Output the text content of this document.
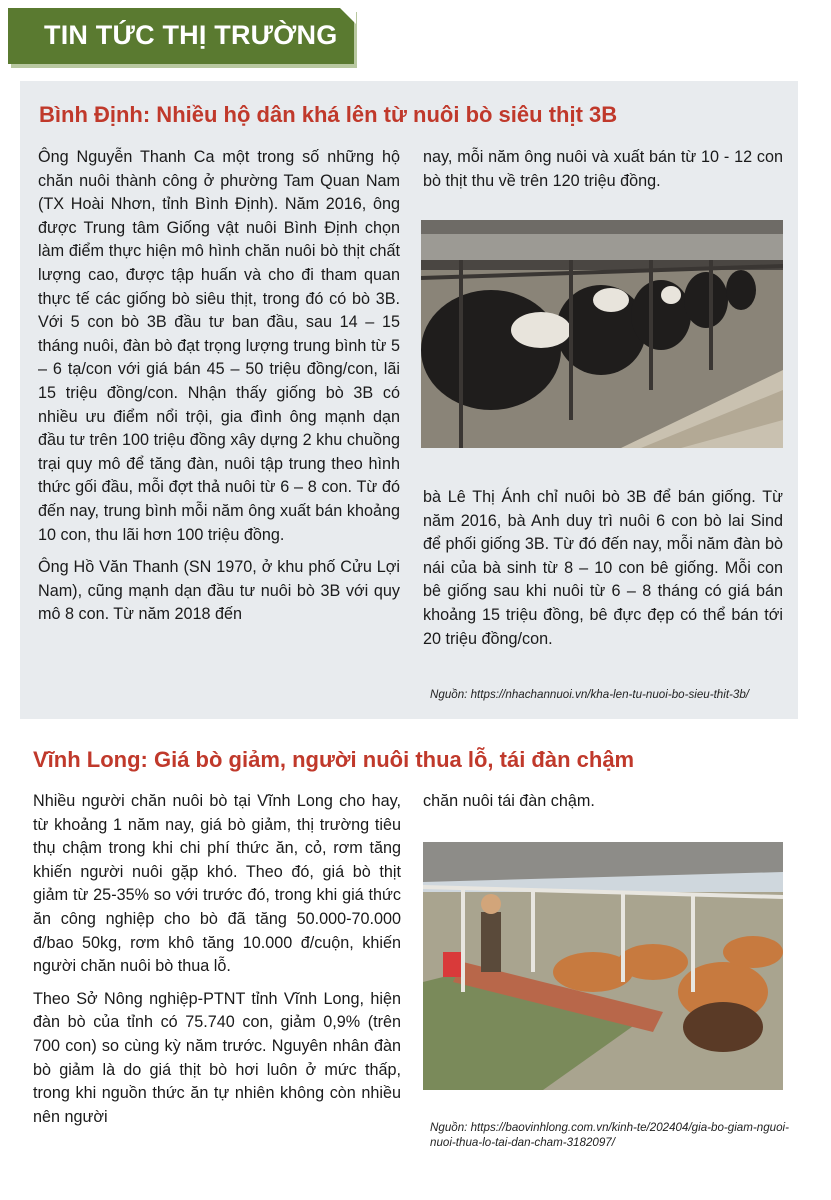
TIN TỨC THỊ TRƯỜNG
Bình Định: Nhiều hộ dân khá lên từ nuôi bò siêu thịt 3B

Ông Nguyễn Thanh Ca một trong số những hộ chăn nuôi thành công ở phường Tam Quan Nam (TX Hoài Nhơn, tỉnh Bình Định). Năm 2016, ông được Trung tâm Giống vật nuôi Bình Định chọn làm điểm thực hiện mô hình chăn nuôi bò thịt chất lượng cao, được tập huấn và cho đi tham quan thực tế các giống bò siêu thịt, trong đó có bò 3B. Với 5 con bò 3B đầu tư ban đầu, sau 14 – 15 tháng nuôi, đàn bò đạt trọng lượng trung bình từ 5 – 6 tạ/con với giá bán 45 – 50 triệu đồng/con, lãi 15 triệu đồng/con. Nhận thấy giống bò 3B có nhiều ưu điểm nổi trội, gia đình ông mạnh dạn đầu tư trên 100 triệu đồng xây dựng 2 khu chuồng trại quy mô để tăng đàn, nuôi tập trung theo hình thức gối đầu, mỗi đợt thả nuôi từ 6 – 8 con. Từ đó đến nay, trung bình mỗi năm ông xuất bán khoảng 10 con, thu lãi hơn 100 triệu đồng.

Ông Hồ Văn Thanh (SN 1970, ở khu phố Cửu Lợi Nam), cũng mạnh dạn đầu tư nuôi bò 3B với quy mô 8 con. Từ năm 2018 đến

nay, mỗi năm ông nuôi và xuất bán từ 10 - 12 con bò thịt thu về trên 120 triệu đồng.
bà Lê Thị Ánh chỉ nuôi bò 3B để bán giống. Từ năm 2016, bà Anh duy trì nuôi 6 con bò lai Sind để phối giống 3B. Từ đó đến nay, mỗi năm đàn bò nái của bà sinh từ 8 – 10 con bê giống. Mỗi con bê giống sau khi nuôi từ 6 – 8 tháng có giá bán khoảng 15 triệu đồng, bê đực đẹp có thể bán tới 20 triệu đồng/con.
Nguồn: https://nhachannuoi.vn/kha-len-tu-nuoi-bo-sieu-thit-3b/
Vĩnh Long: Giá bò giảm, người nuôi thua lỗ, tái đàn chậm

Nhiều người chăn nuôi bò tại Vĩnh Long cho hay, từ khoảng 1 năm nay, giá bò giảm, thị trường tiêu thụ chậm trong khi chi phí thức ăn, cỏ, rơm tăng khiến người nuôi gặp khó. Theo đó, giá bò thịt giảm từ 25-35% so với trước đó, trong khi giá thức ăn công nghiệp cho bò đã tăng 50.000-70.000 đ/bao 50kg, rơm khô tăng 10.000 đ/cuộn, khiến người chăn nuôi bò thua lỗ.

Theo Sở Nông nghiệp-PTNT tỉnh Vĩnh Long, hiện đàn bò của tỉnh có 75.740 con, giảm 0,9% (trên 700 con) so cùng kỳ năm trước. Nguyên nhân đàn bò giảm là do giá thịt bò hơi luôn ở mức thấp, trong khi nguồn thức ăn tự nhiên không còn nhiều nên người

chăn nuôi tái đàn chậm.
Nguồn: https://baovinhlong.com.vn/kinh-te/202404/gia-bo-giam-nguoi-nuoi-thua-lo-tai-dan-cham-3182097/
